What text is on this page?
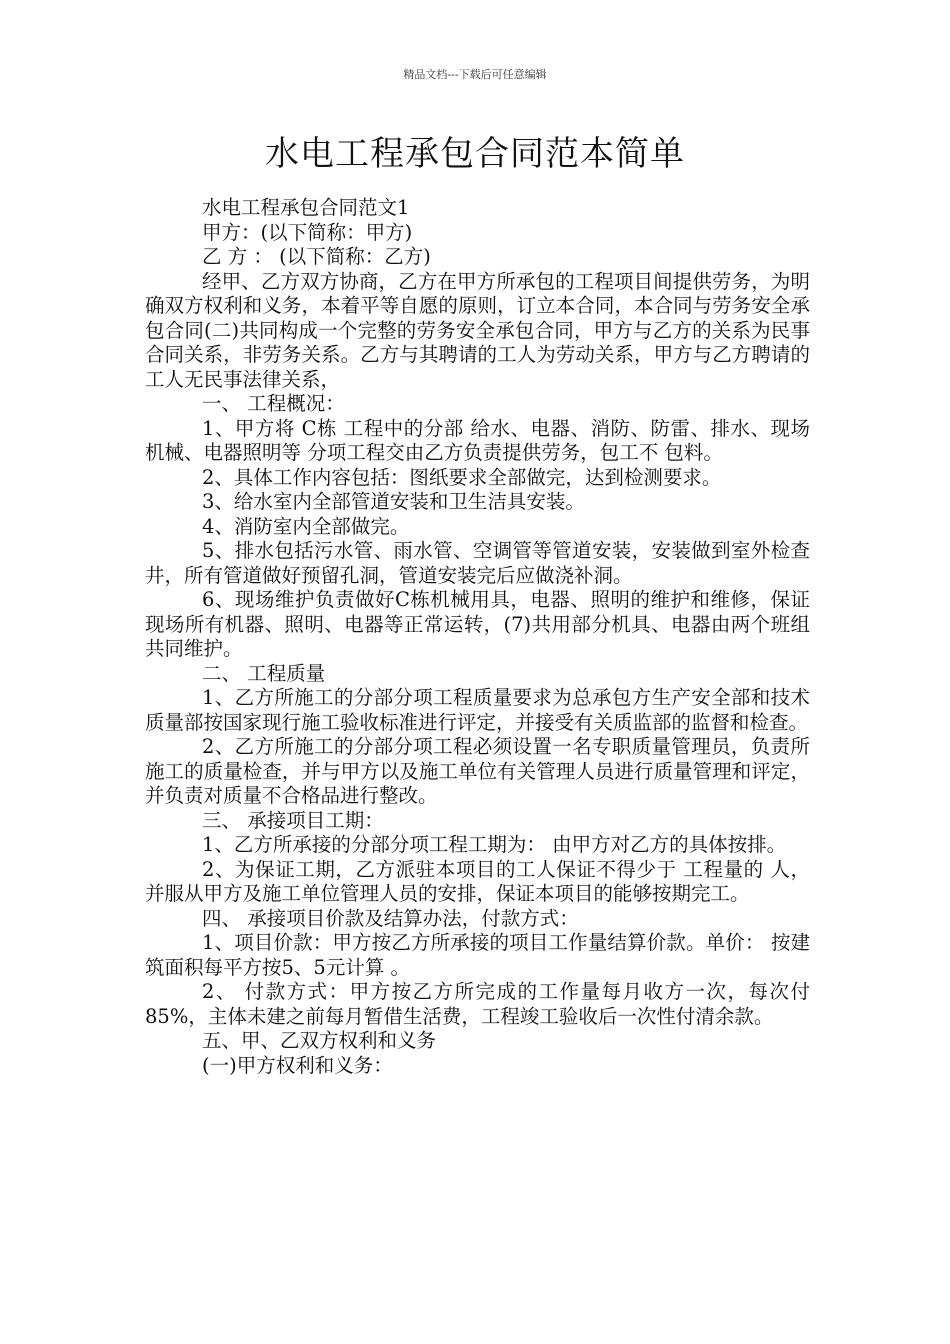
精品文档---下载后可任意编辑
水电工程承包合同范本简单

水电工程承包合同范文1

甲方：(以下简称：甲方)

乙 方 ： (以下简称：乙方)

经甲、乙方双方协商，乙方在甲方所承包的工程项目间提供劳务，为明确双方权利和义务，本着平等自愿的原则，订立本合同，本合同与劳务安全承包合同(二)共同构成一个完整的劳务安全承包合同，甲方与乙方的关系为民事合同关系，非劳务关系。乙方与其聘请的工人为劳动关系，甲方与乙方聘请的工人无民事法律关系，

一、 工程概况：

1、甲方将 C栋 工程中的分部 给水、电器、消防、防雷、排水、现场机械、电器照明等 分项工程交由乙方负责提供劳务，包工不 包料。

2、具体工作内容包括：图纸要求全部做完，达到检测要求。

3、给水室内全部管道安装和卫生洁具安装。

4、消防室内全部做完。

5、排水包括污水管、雨水管、空调管等管道安装，安装做到室外检查井，所有管道做好预留孔洞，管道安装完后应做浇补洞。

6、现场维护负责做好C栋机械用具，电器、照明的维护和维修，保证现场所有机器、照明、电器等正常运转，(7)共用部分机具、电器由两个班组共同维护。

二、 工程质量

1、乙方所施工的分部分项工程质量要求为总承包方生产安全部和技术质量部按国家现行施工验收标准进行评定，并接受有关质监部的监督和检查。

2、乙方所施工的分部分项工程必须设置一名专职质量管理员，负责所施工的质量检查，并与甲方以及施工单位有关管理人员进行质量管理和评定，并负责对质量不合格品进行整改。

三、 承接项目工期：

1、乙方所承接的分部分项工程工期为： 由甲方对乙方的具体按排。

2、为保证工期，乙方派驻本项目的工人保证不得少于 工程量的 人，并服从甲方及施工单位管理人员的安排，保证本项目的能够按期完工。

四、 承接项目价款及结算办法，付款方式：

1、项目价款：甲方按乙方所承接的项目工作量结算价款。单价： 按建筑面积每平方按5、5元计算 。

2、 付款方式：甲方按乙方所完成的工作量每月收方一次，每次付85%，主体未建之前每月暂借生活费，工程竣工验收后一次性付清余款。

五、甲、乙双方权利和义务

(一)甲方权利和义务：
